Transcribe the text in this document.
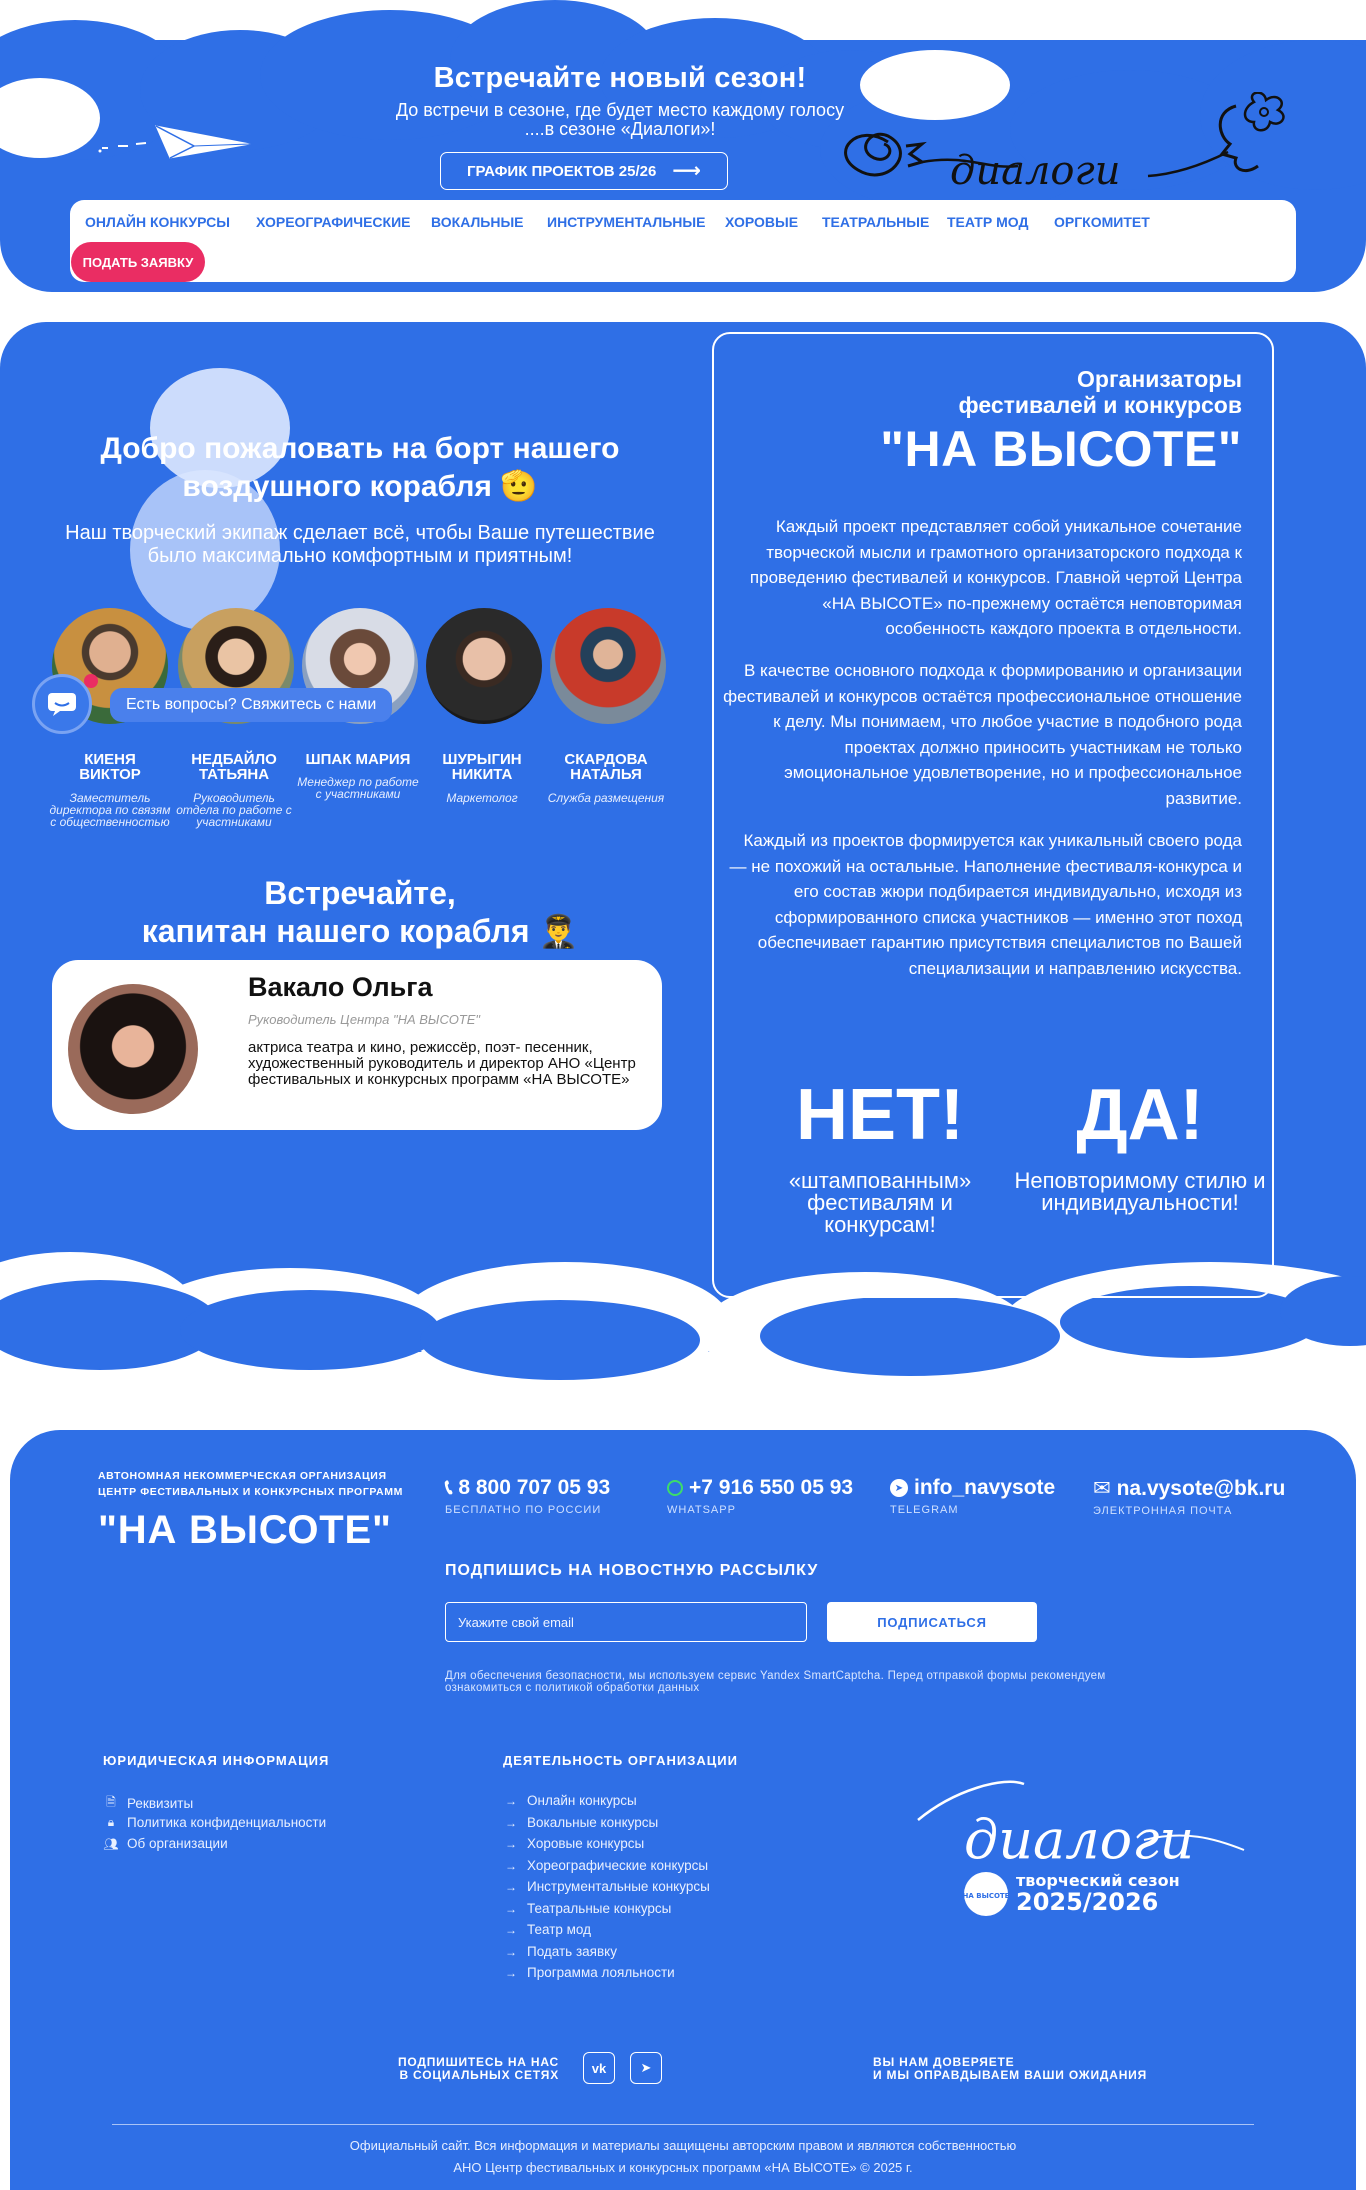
Встречайте новый сезон!
До встречи в сезоне, где будет место каждому голосу
....в сезоне «Диалоги»!
ГРАФИК ПРОЕКТОВ 25/26 ⟶	диалоги
ОНЛАЙН КОНКУРСЫ ХОРЕОГРАФИЧЕСКИЕ ВОКАЛЬНЫЕ ИНСТРУМЕНТАЛЬНЫЕ ХОРОВЫЕ ТЕАТРАЛЬНЫЕ ТЕАТР МОД ОРГКОМИТЕТ
ПОДАТЬ ЗАЯВКУ
Добро пожаловать на борт нашего
воздушного корабля 🫡
Наш творческий экипаж сделает всё, чтобы Ваше путешествие
было максимально комфортным и приятным!
КИЕНЯ
ВИКТОР
Заместитель директора по связям с общественностью
НЕДБАЙЛО
ТАТЬЯНА
Руководитель отдела по работе с участниками
ШПАК МАРИЯ
Менеджер по работе с участниками
ШУРЫГИН
НИКИТА
Маркетолог
СКАРДОВА
НАТАЛЬЯ
Служба размещения
Есть вопросы? Свяжитесь с нами
Встречайте,
капитан нашего корабля 👨‍✈️
Вакало Ольга
Руководитель Центра "НА ВЫСОТЕ"
актриса театра и кино, режиссёр, поэт- песенник, художественный руководитель и директор АНО «Центр фестивальных и конкурсных программ «НА ВЫСОТЕ»
Организаторы
фестивалей и конкурсов
"НА ВЫСОТЕ"
Каждый проект представляет собой уникальное сочетание творческой мысли и грамотного организаторского подхода к проведению фестивалей и конкурсов. Главной чертой Центра «НА ВЫСОТЕ» по-прежнему остаётся неповторимая особенность каждого проекта в отдельности.
В качестве основного подхода к формированию и организации фестивалей и конкурсов остаётся профессиональное отношение к делу. Мы понимаем, что любое участие в подобного рода проектах должно приносить участникам не только эмоциональное удовлетворение, но и профессиональное развитие.
Каждый из проектов формируется как уникальный своего рода — не похожий на остальные. Наполнение фестиваля-конкурса и его состав жюри подбирается индивидуально, исходя из сформированного списка участников — именно этот поход обеспечивает гарантию присутствия специалистов по Вашей специализации и направлению искусства.
НЕТ!
«штампованным» фестивалям и конкурсам!
ДА!
Неповторимому стилю и индивидуальности!
АВТОНОМНАЯ НЕКОММЕРЧЕСКАЯ ОРГАНИЗАЦИЯ
ЦЕНТР ФЕСТИВАЛЬНЫХ И КОНКУРСНЫХ ПРОГРАММ
"НА ВЫСОТЕ"
📞︎ 8 800 707 05 93
БЕСПЛАТНО ПО РОССИИ
+7 916 550 05 93
WHATSAPP
➤ info_navysote
TELEGRAM
✉ na.vysote@bk.ru
ЭЛЕКТРОННАЯ ПОЧТА
ПОДПИШИСЬ НА НОВОСТНУЮ РАССЫЛКУ
Укажите свой email
ПОДПИСАТЬСЯ
Для обеспечения безопасности, мы используем сервис Yandex SmartCaptcha. Перед отправкой формы рекомендуем
ознакомиться с политикой обработки данных
ЮРИДИЧЕСКАЯ ИНФОРМАЦИЯ
🗎︎ Реквизиты
🔒︎ Политика конфиденциальности
👥︎ Об организации
ДЕЯТЕЛЬНОСТЬ ОРГАНИЗАЦИИ
→ Онлайн конкурсы
→ Вокальные конкурсы
→ Хоровые конкурсы
→ Хореографические конкурсы
→ Инструментальные конкурсы
→ Театральные конкурсы
→ Театр мод
→ Подать заявку
→ Программа лояльности
диалоги
НА ВЫСОТЕ
творческий сезон
2025/2026
ПОДПИШИТЕСЬ НА НАС
В СОЦИАЛЬНЫХ СЕТЯХ	vk	➤	ВЫ НАМ ДОВЕРЯЕТЕ
И МЫ ОПРАВДЫВАЕМ ВАШИ ОЖИДАНИЯ
Официальный сайт. Вся информация и материалы защищены авторским правом и являются собственностью
АНО Центр фестивальных и конкурсных программ «НА ВЫСОТЕ» © 2025 г.
